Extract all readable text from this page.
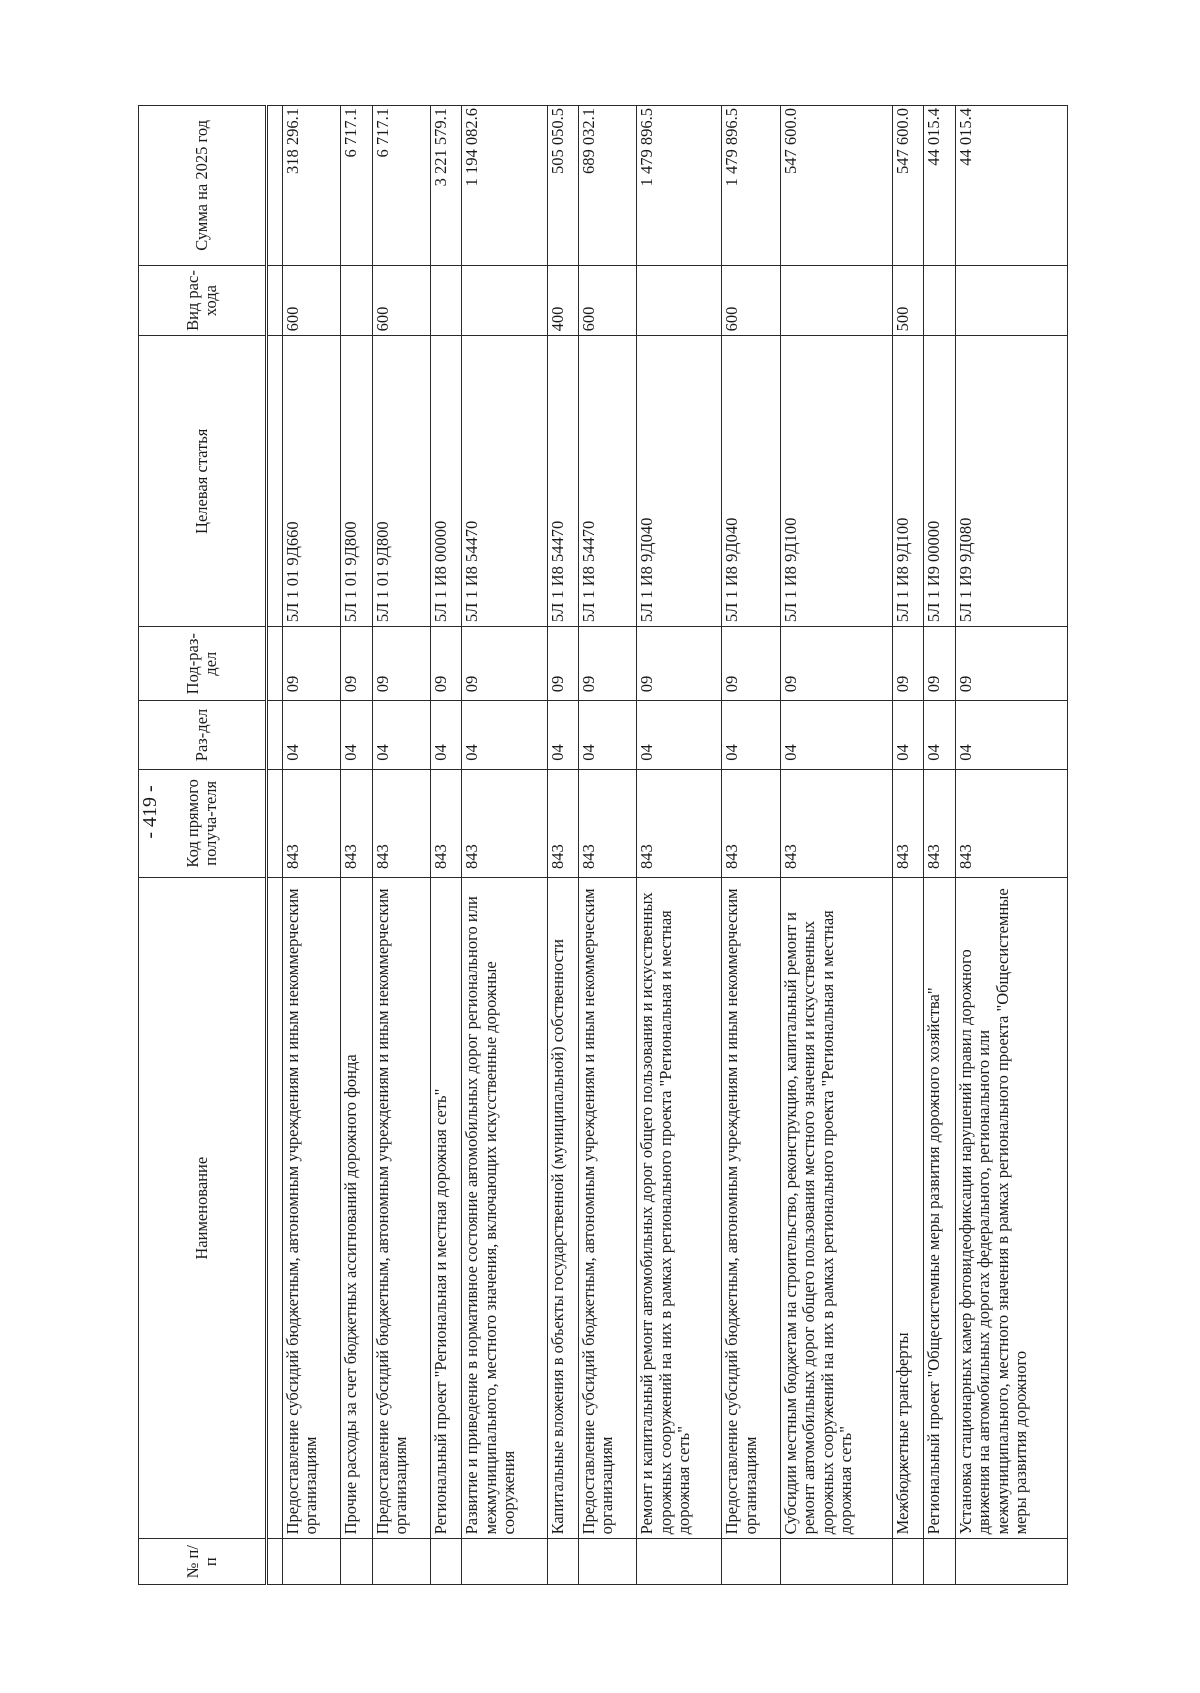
- 419 -
№ п/п	Наименование	Код прямого получа-теля	Раз-дел	Под-раз-дел	Целевая статья	Вид рас-хода	Сумма на 2025 год

	Предоставление субсидий бюджетным, автономным учреждениям и иным некоммерческим организациям	843	04	09	5Л 1 01 9Д660	600	318 296.1
	Прочие расходы за счет бюджетных ассигнований дорожного фонда	843	04	09	5Л 1 01 9Д800		6 717.1
	Предоставление субсидий бюджетным, автономным учреждениям и иным некоммерческим организациям	843	04	09	5Л 1 01 9Д800	600	6 717.1
	Региональный проект "Региональная и местная дорожная сеть"	843	04	09	5Л 1 И8 00000		3 221 579.1
	Развитие и приведение в нормативное состояние автомобильных дорог регионального или межмуниципального, местного значения, включающих искусственные дорожные сооружения	843	04	09	5Л 1 И8 54470		1 194 082.6
	Капитальные вложения в объекты государственной (муниципальной) собственности	843	04	09	5Л 1 И8 54470	400	505 050.5
	Предоставление субсидий бюджетным, автономным учреждениям и иным некоммерческим организациям	843	04	09	5Л 1 И8 54470	600	689 032.1
	Ремонт и капитальный ремонт автомобильных дорог общего пользования и искусственных дорожных сооружений на них в рамках регионального проекта "Региональная и местная дорожная сеть"	843	04	09	5Л 1 И8 9Д040		1 479 896.5
	Предоставление субсидий бюджетным, автономным учреждениям и иным некоммерческим организациям	843	04	09	5Л 1 И8 9Д040	600	1 479 896.5
	Субсидии местным бюджетам на строительство, реконструкцию, капитальный ремонт и ремонт автомобильных дорог общего пользования местного значения и искусственных дорожных сооружений на них в рамках регионального проекта "Региональная и местная дорожная сеть"	843	04	09	5Л 1 И8 9Д100		547 600.0
	Межбюджетные трансферты	843	04	09	5Л 1 И8 9Д100	500	547 600.0
	Региональный проект "Общесистемные меры развития дорожного хозяйства"	843	04	09	5Л 1 И9 00000		44 015.4
	Установка стационарных камер фотовидеофиксации нарушений правил дорожного движения на автомобильных дорогах федерального, регионального или межмуниципального, местного значения в рамках регионального проекта "Общесистемные меры развития дорожного	843	04	09	5Л 1 И9 9Д080		44 015.4
